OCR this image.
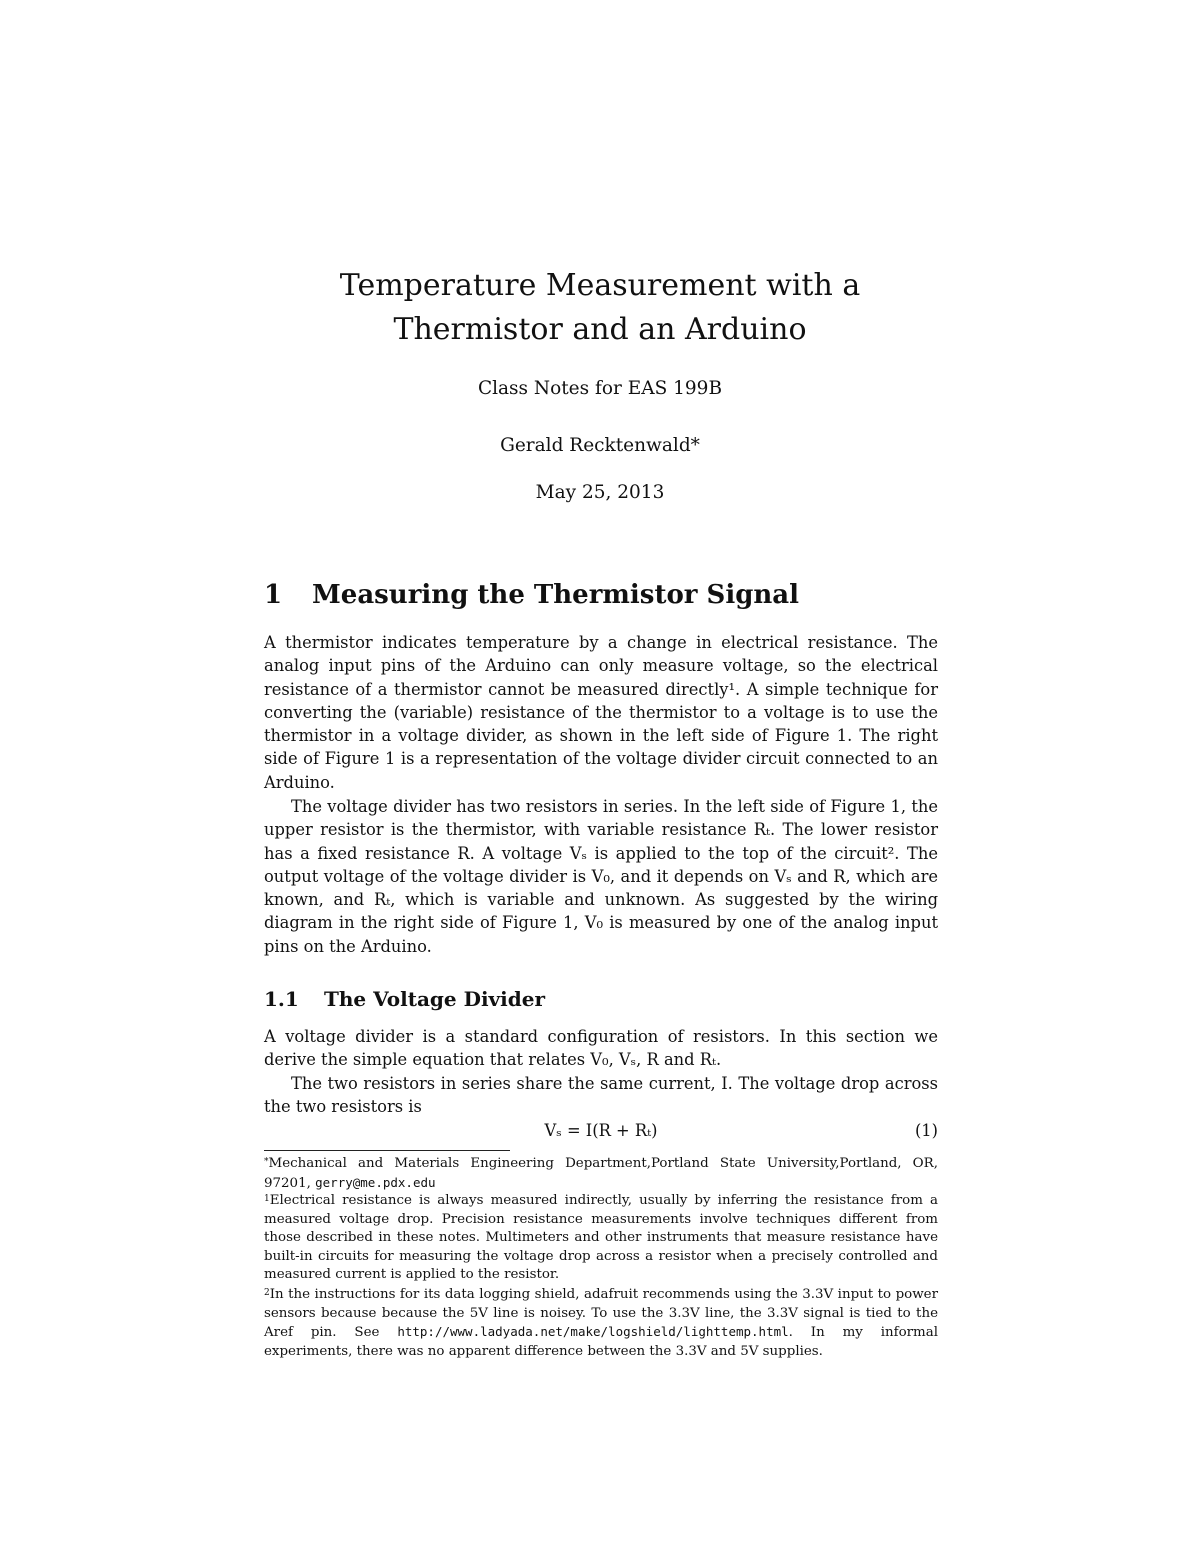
Temperature Measurement with a
Thermistor and an Arduino
Class Notes for EAS 199B
Gerald Recktenwald*
May 25, 2013
1 Measuring the Thermistor Signal
A thermistor indicates temperature by a change in electrical resistance. The analog input pins of the Arduino can only measure voltage, so the electrical resistance of a thermistor cannot be measured directly¹. A simple technique for converting the (variable) resistance of the thermistor to a voltage is to use the thermistor in a voltage divider, as shown in the left side of Figure 1. The right side of Figure 1 is a representation of the voltage divider circuit connected to an Arduino.
The voltage divider has two resistors in series. In the left side of Figure 1, the upper resistor is the thermistor, with variable resistance Rₜ. The lower resistor has a fixed resistance R. A voltage Vₛ is applied to the top of the circuit². The output voltage of the voltage divider is V₀, and it depends on Vₛ and R, which are known, and Rₜ, which is variable and unknown. As suggested by the wiring diagram in the right side of Figure 1, V₀ is measured by one of the analog input pins on the Arduino.
1.1 The Voltage Divider
A voltage divider is a standard configuration of resistors. In this section we derive the simple equation that relates V₀, Vₛ, R and Rₜ.
The two resistors in series share the same current, I. The voltage drop across the two resistors is
Vₛ = I(R + Rₜ)	(1)
*Mechanical and Materials Engineering Department,Portland State University,Portland, OR, 97201, gerry@me.pdx.edu
$^1$Electrical resistance is always measured indirectly, usually by inferring the resistance from a measured voltage drop. Precision resistance measurements involve techniques different from those described in these notes. Multimeters and other instruments that measure resistance have built-in circuits for measuring the voltage drop across a resistor when a precisely controlled and measured current is applied to the resistor.
$^2$In the instructions for its data logging shield, adafruit recommends using the 3.3V input to power sensors because because the 5V line is noisey. To use the 3.3V line, the 3.3V signal is tied to the Aref pin. See http://www.ladyada.net/make/logshield/lighttemp.html. In my informal experiments, there was no apparent difference between the 3.3V and 5V supplies.
